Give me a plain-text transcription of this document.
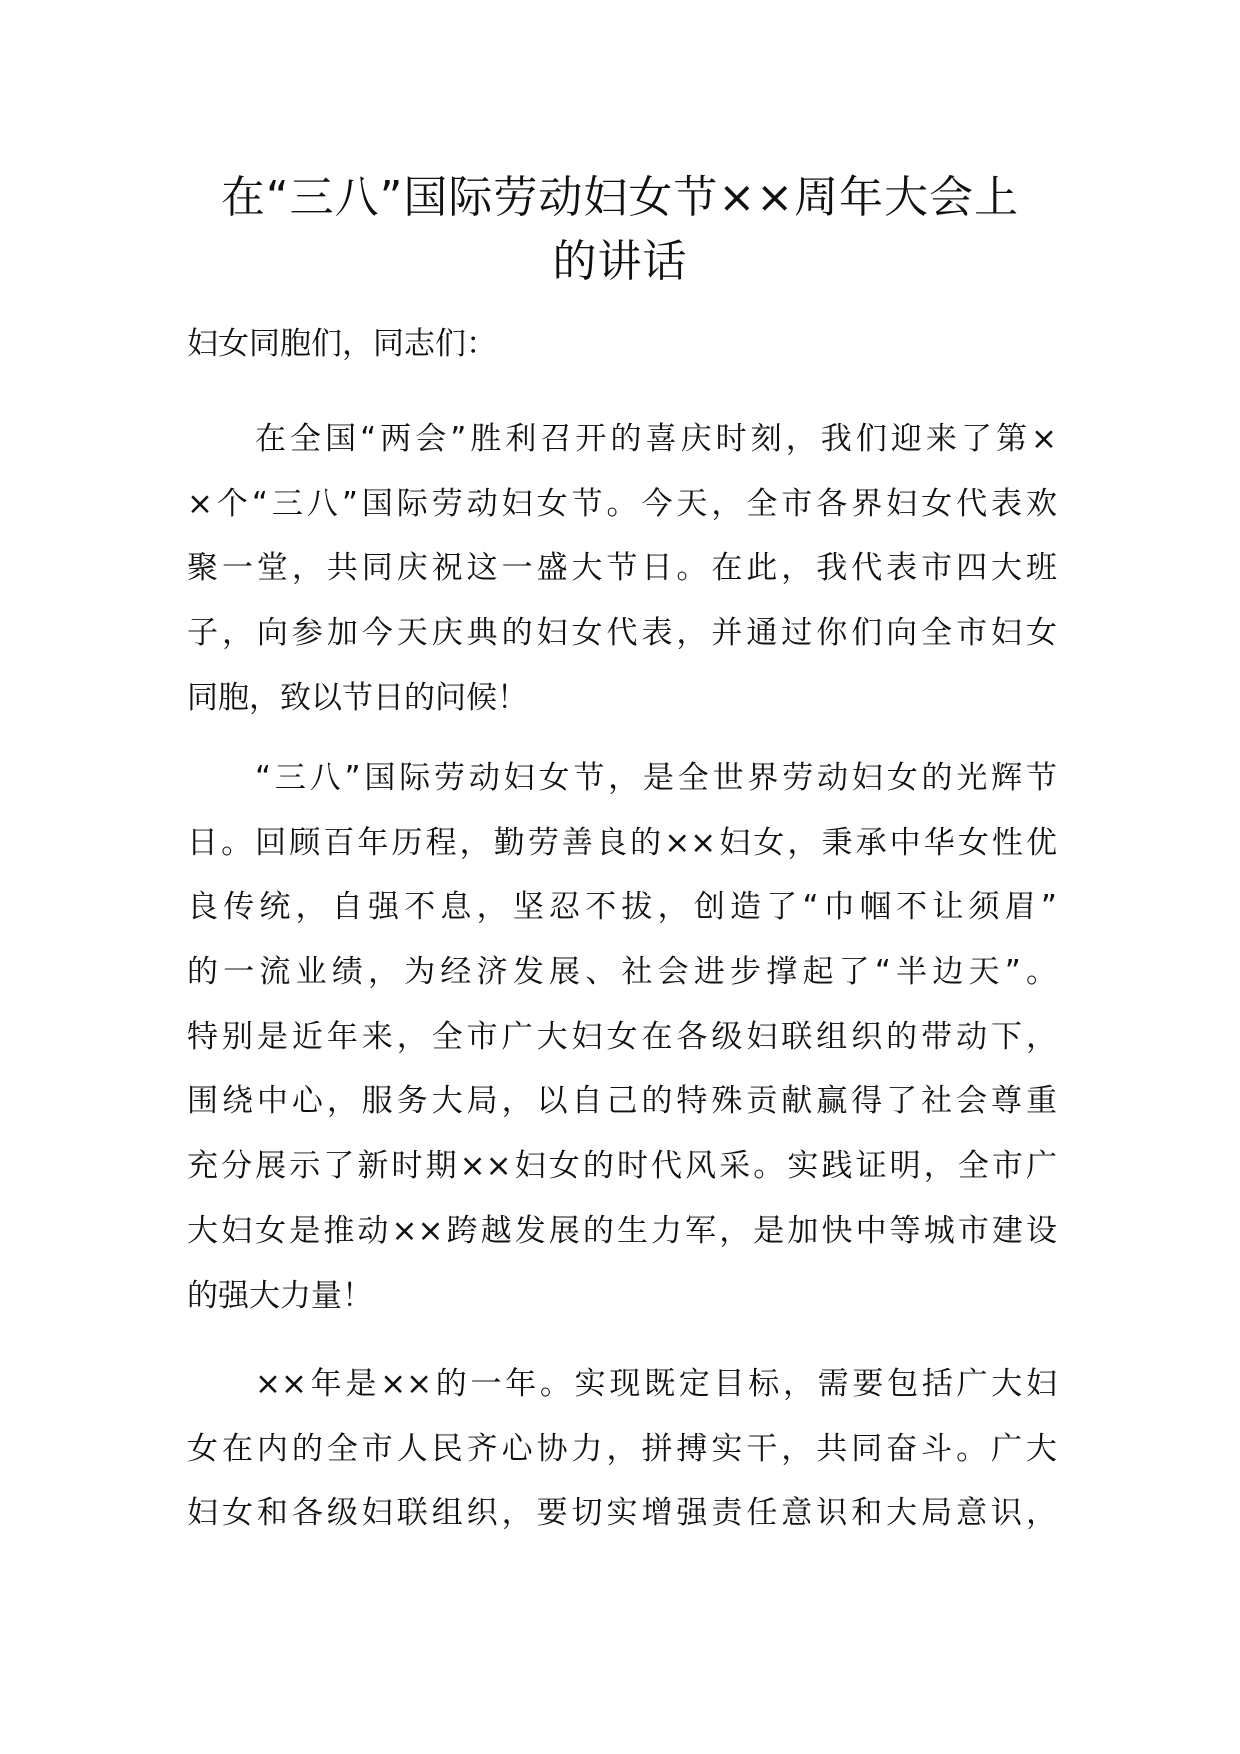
在“三八”国际劳动妇女节××周年大会上
的讲话

妇女同胞们，同志们：

在全国“两会”胜利召开的喜庆时刻，我们迎来了第×
×个“三八”国际劳动妇女节。今天，全市各界妇女代表欢
聚一堂，共同庆祝这一盛大节日。在此，我代表市四大班
子，向参加今天庆典的妇女代表，并通过你们向全市妇女
同胞，致以节日的问候！
“三八”国际劳动妇女节，是全世界劳动妇女的光辉节
日。回顾百年历程，勤劳善良的××妇女，秉承中华女性优
良传统，自强不息，坚忍不拔，创造了“巾帼不让须眉”
的一流业绩，为经济发展、社会进步撑起了“半边天”。
特别是近年来，全市广大妇女在各级妇联组织的带动下，
围绕中心，服务大局，以自己的特殊贡献赢得了社会尊重
充分展示了新时期××妇女的时代风采。实践证明，全市广
大妇女是推动××跨越发展的生力军，是加快中等城市建设
的强大力量！
××年是××的一年。实现既定目标，需要包括广大妇
女在内的全市人民齐心协力，拼搏实干，共同奋斗。广大
妇女和各级妇联组织，要切实增强责任意识和大局意识，
